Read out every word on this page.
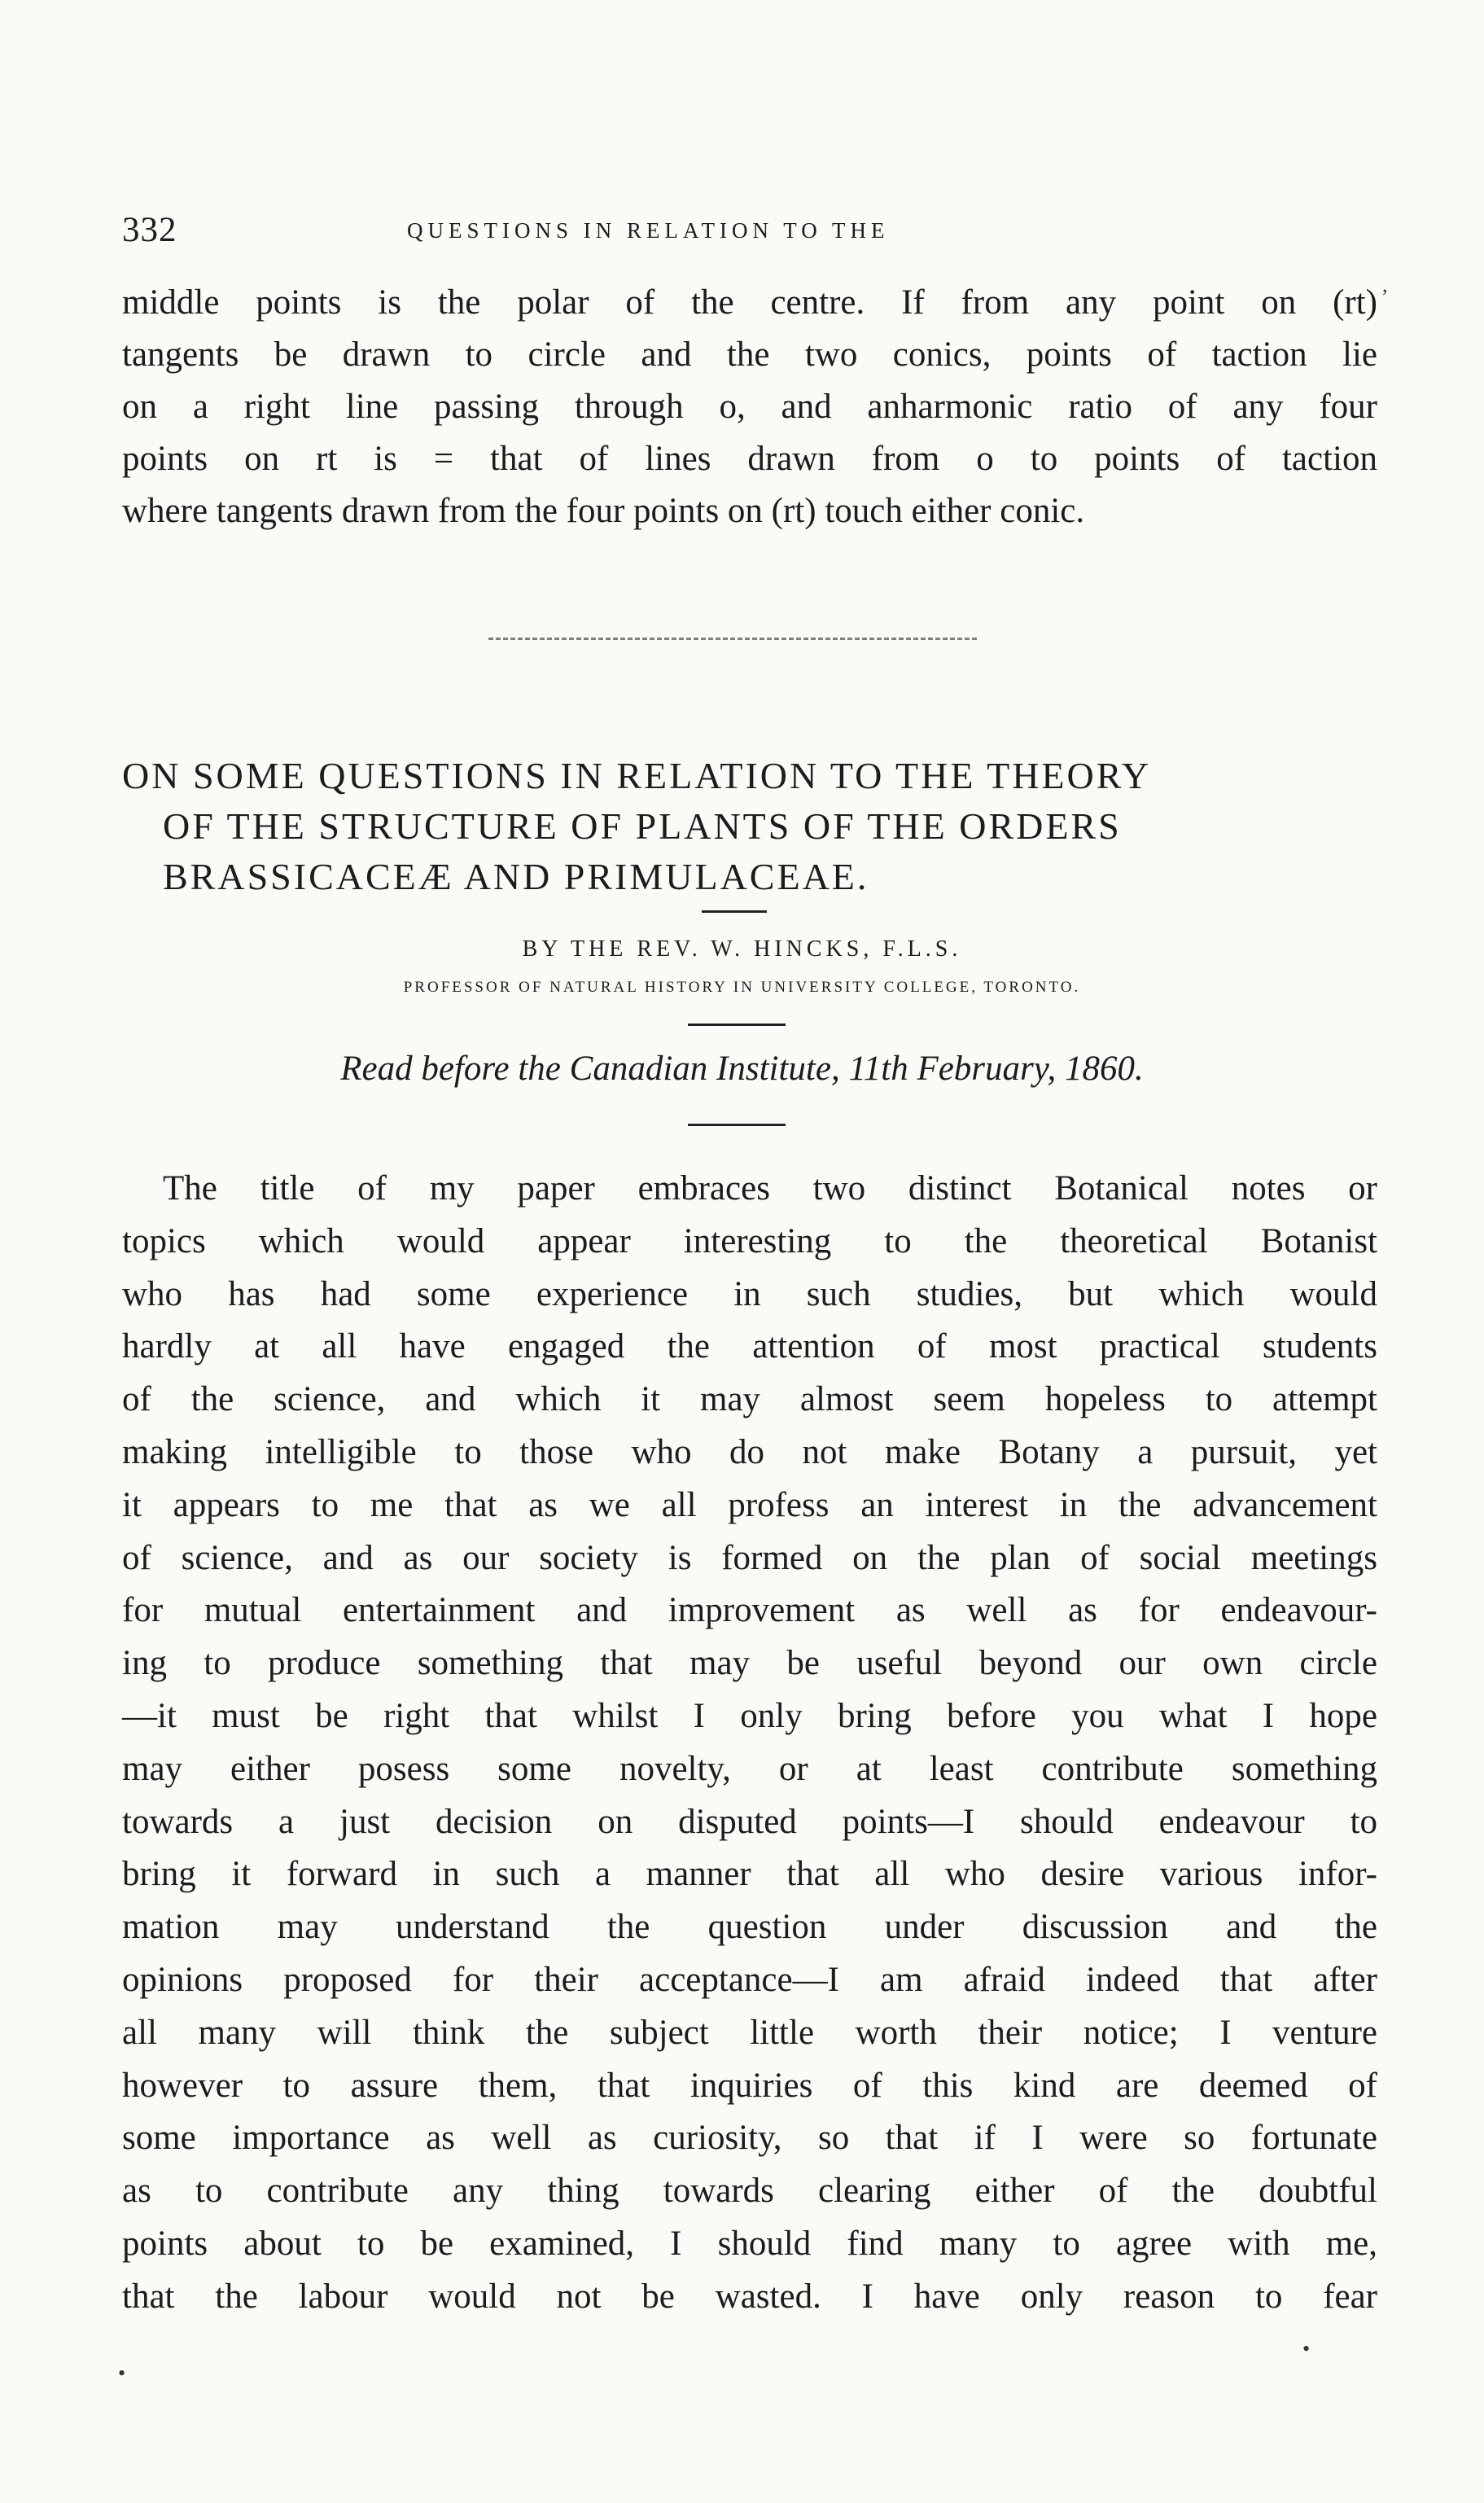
332	QUESTIONS IN RELATION TO THE
middle points is the polar of the centre. If from any point on (rt)
tangents be drawn to circle and the two conics, points of taction lie
on a right line passing through o, and anharmonic ratio of any four
points on rt is = that of lines drawn from o to points of taction
where tangents drawn from the four points on (rt) touch either conic.
ON SOME QUESTIONS IN RELATION TO THE THEORY
OF THE STRUCTURE OF PLANTS OF THE ORDERS
BRASSICACEÆ AND PRIMULACEAE.
BY THE REV. W. HINCKS, F.L.S.
PROFESSOR OF NATURAL HISTORY IN UNIVERSITY COLLEGE, TORONTO.
Read before the Canadian Institute, 11th February, 1860.
The title of my paper embraces two distinct Botanical notes or
topics which would appear interesting to the theoretical Botanist
who has had some experience in such studies, but which would
hardly at all have engaged the attention of most practical students
of the science, and which it may almost seem hopeless to attempt
making intelligible to those who do not make Botany a pursuit, yet
it appears to me that as we all profess an interest in the advancement
of science, and as our society is formed on the plan of social meetings
for mutual entertainment and improvement as well as for endeavour-
ing to produce something that may be useful beyond our own circle
—it must be right that whilst I only bring before you what I hope
may either posess some novelty, or at least contribute something
towards a just decision on disputed points—I should endeavour to
bring it forward in such a manner that all who desire various infor-
mation may understand the question under discussion and the
opinions proposed for their acceptance—I am afraid indeed that after
all many will think the subject little worth their notice; I venture
however to assure them, that inquiries of this kind are deemed of
some importance as well as curiosity, so that if I were so fortunate
as to contribute any thing towards clearing either of the doubtful
points about to be examined, I should find many to agree with me,
that the labour would not be wasted. I have only reason to fear
,
•
•
